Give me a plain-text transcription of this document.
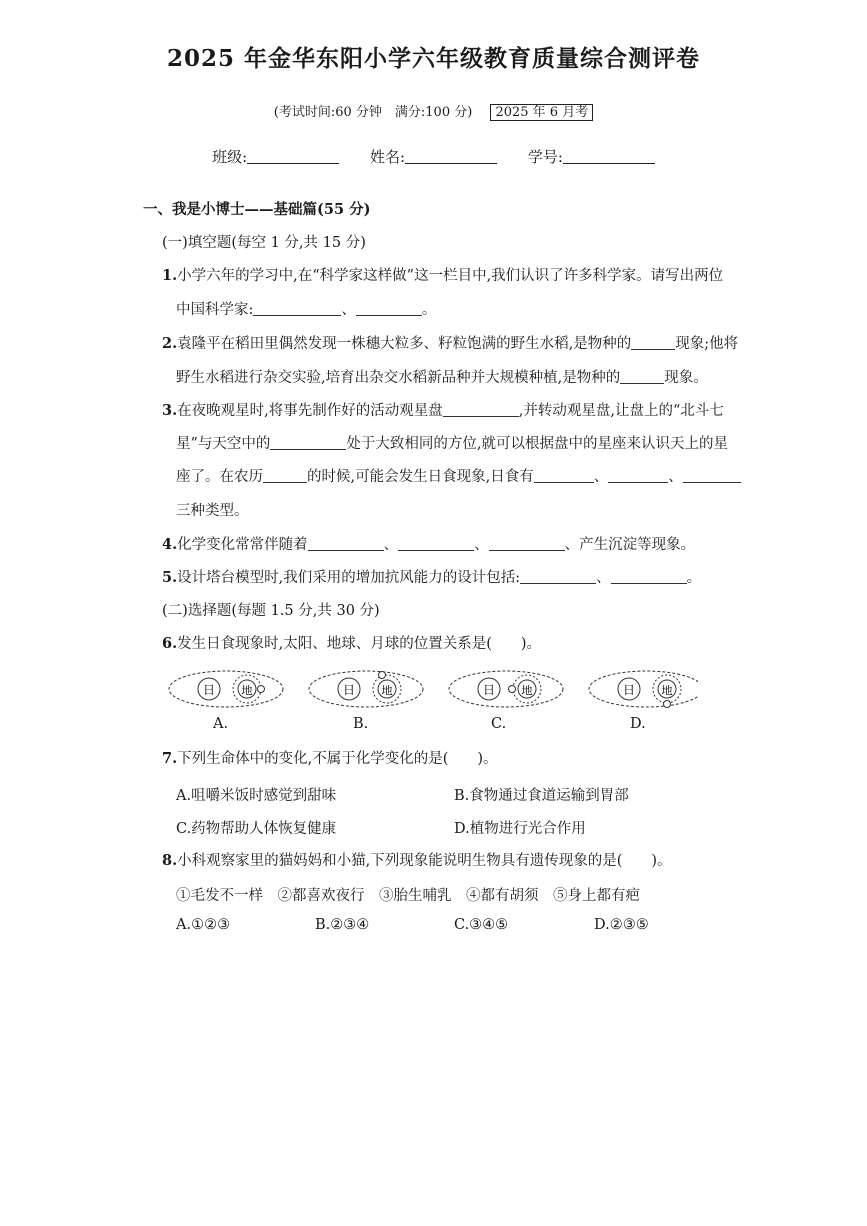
2025 年金华东阳小学六年级教育质量综合测评卷
(考试时间:60 分钟　满分:100 分) 2025 年 6 月考
班级:	姓名:	学号:
一、我是小博士——基础篇(55 分)
(一)填空题(每空 1 分,共 15 分)
1.小学六年的学习中,在“科学家这样做”这一栏目中,我们认识了许多科学家。请写出两位
中国科学家:	、	。
2.袁隆平在稻田里偶然发现一株穗大粒多、籽粒饱满的野生水稻,是物种的	现象;他将
野生水稻进行杂交实验,培育出杂交水稻新品种并大规模种植,是物种的	现象。
3.在夜晚观星时,将事先制作好的活动观星盘	,并转动观星盘,让盘上的“北斗七
星”与天空中的	处于大致相同的方位,就可以根据盘中的星座来认识天上的星
座了。在农历	的时候,可能会发生日食现象,日食有	、	、
三种类型。
4.化学变化常常伴随着	、	、	、产生沉淀等现象。
5.设计塔台模型时,我们采用的增加抗风能力的设计包括:	、	。
(二)选择题(每题 1.5 分,共 30 分)
6.发生日食现象时,太阳、地球、月球的位置关系是(　　)。
日 地	日 地	日 地	日 地
A.	B.	C.	D.
7.下列生命体中的变化,不属于化学变化的是(　　)。
A.咀嚼米饭时感觉到甜味	B.食物通过食道运输到胃部
C.药物帮助人体恢复健康	D.植物进行光合作用
8.小科观察家里的猫妈妈和小猫,下列现象能说明生物具有遗传现象的是(　　)。
①毛发不一样　②都喜欢夜行　③胎生哺乳　④都有胡须　⑤身上都有疤
A.①②③	B.②③④	C.③④⑤	D.②③⑤
